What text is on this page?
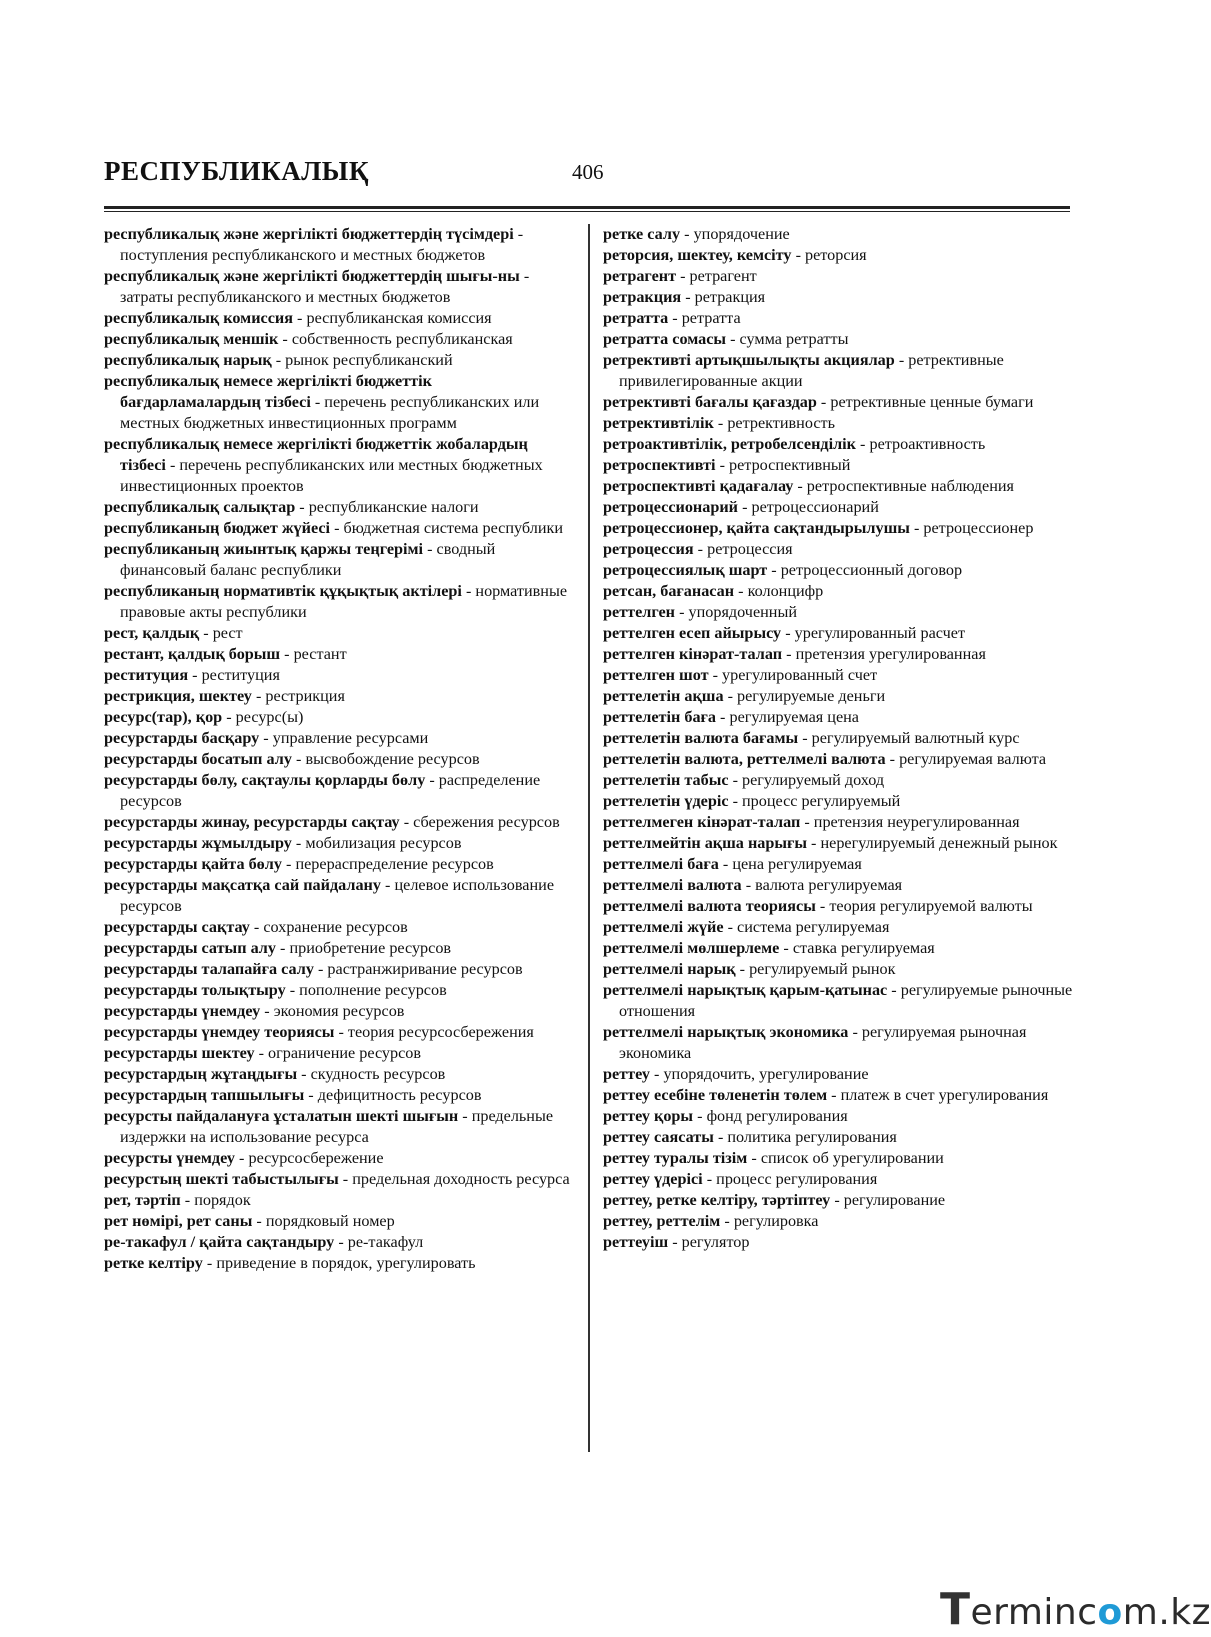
РЕСПУБЛИКАЛЫҚ	406

республикалық және жергілікті бюджеттердің түсімдері - поступления республиканского и местных бюджетов

республикалық және жергілікті бюджеттердің шығы-ны - затраты республиканского и местных бюджетов

республикалық комиссия - республиканская комиссия

республикалық меншік - собственность республиканская

республикалық нарық - рынок республиканский

республикалық немесе жергілікті бюджеттік бағдарламалардың тізбесі - перечень республиканских или местных бюджетных инвестиционных программ

республикалық немесе жергілікті бюджеттік жобалардың тізбесі - перечень республиканских или местных бюджетных инвестиционных проектов

республикалық салықтар - республиканские налоги

республиканың бюджет жүйесі - бюджетная система республики

республиканың жиынтық қаржы теңгерімі - сводный финансовый баланс республики

республиканың нормативтік құқықтық актілері - нормативные правовые акты республики

рест, қалдық - рест

рестант, қалдық борыш - рестант

реституция - реституция

рестрикция, шектеу - рестрикция

ресурс(тар), қор - ресурс(ы)

ресурстарды басқару - управление ресурсами

ресурстарды босатып алу - высвобождение ресурсов

ресурстарды бөлу, сақтаулы қорларды бөлу - распределение ресурсов

ресурстарды жинау, ресурстарды сақтау - сбережения ресурсов

ресурстарды жұмылдыру - мобилизация ресурсов

ресурстарды қайта бөлу - перераспределение ресурсов

ресурстарды мақсатқа сай пайдалану - целевое использование ресурсов

ресурстарды сақтау - сохранение ресурсов

ресурстарды сатып алу - приобретение ресурсов

ресурстарды талапайға салу - растранжиривание ресурсов

ресурстарды толықтыру - пополнение ресурсов

ресурстарды үнемдеу - экономия ресурсов

ресурстарды үнемдеу теориясы - теория ресурсосбережения

ресурстарды шектеу - ограничение ресурсов

ресурстардың жұтаңдығы - скудность ресурсов

ресурстардың тапшылығы - дефицитность ресурсов

ресурсты пайдалануға ұсталатын шекті шығын - предельные издержки на использование ресурса

ресурсты үнемдеу - ресурсосбережение

ресурстың шекті табыстылығы - предельная доходность ресурса

рет, тәртіп - порядок

рет нөмірі, рет саны - порядковый номер

ре-такафул / қайта сақтандыру - ре-такафул

ретке келтіру - приведение в порядок, урегулировать

ретке салу - упорядочение

реторсия, шектеу, кемсіту - реторсия

ретрагент - ретрагент

ретракция - ретракция

ретратта - ретратта

ретратта сомасы - сумма ретратты

ретрективті артықшылықты акциялар - ретрективные привилегированные акции

ретрективті бағалы қағаздар - ретрективные ценные бумаги

ретрективтілік - ретрективность

ретроактивтілік, ретробелсенділік - ретроактивность

ретроспективті - ретроспективный

ретроспективті қадағалау - ретроспективные наблюдения

ретроцессионарий - ретроцессионарий

ретроцессионер, қайта сақтандырылушы - ретроцессионер

ретроцессия - ретроцессия

ретроцессиялық шарт - ретроцессионный договор

ретсан, бағанасан - колонцифр

реттелген - упорядоченный

реттелген есеп айырысу - урегулированный расчет

реттелген кінәрат-талап - претензия урегулированная

реттелген шот - урегулированный счет

реттелетін ақша - регулируемые деньги

реттелетін баға - регулируемая цена

реттелетін валюта бағамы - регулируемый валютный курс

реттелетін валюта, реттелмелі валюта - регулируемая валюта

реттелетін табыс - регулируемый доход

реттелетін үдеріс - процесс регулируемый

реттелмеген кінәрат-талап - претензия неурегулированная

реттелмейтін ақша нарығы - нерегулируемый денежный рынок

реттелмелі баға - цена регулируемая

реттелмелі валюта - валюта регулируемая

реттелмелі валюта теориясы - теория регулируемой валюты

реттелмелі жүйе - система регулируемая

реттелмелі мөлшерлеме - ставка регулируемая

реттелмелі нарық - регулируемый рынок

реттелмелі нарықтық қарым-қатынас - регулируемые рыночные отношения

реттелмелі нарықтық экономика - регулируемая рыночная экономика

реттеу - упорядочить, урегулирование

реттеу есебіне төленетін төлем - платеж в счет урегулирования

реттеу қоры - фонд регулирования

реттеу саясаты - политика регулирования

реттеу туралы тізім - список об урегулировании

реттеу үдерісі - процесс регулирования

реттеу, ретке келтіру, тәртіптеу - регулирование

реттеу, реттелім - регулировка

реттеуіш - регулятор

Termincom.kz
